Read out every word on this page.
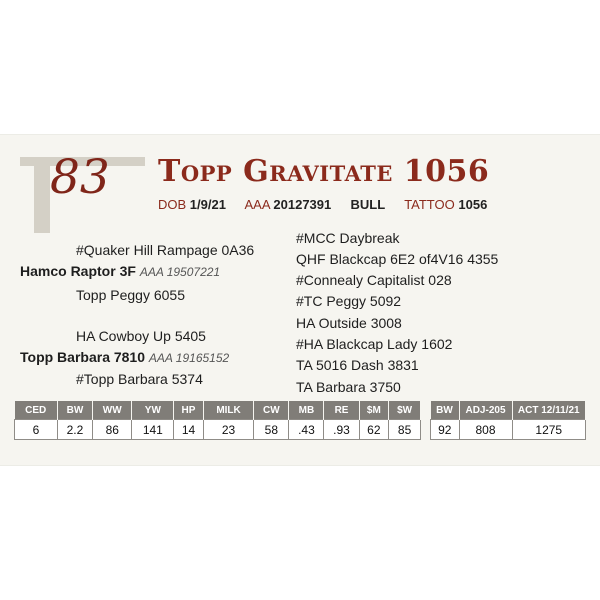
83 Topp Gravitate 1056
DOB 1/9/21 AAA 20127391 BULL TATTOO 1056
#Quaker Hill Rampage 0A36
Hamco Raptor 3F AAA 19507221
Topp Peggy 6055
HA Cowboy Up 5405
Topp Barbara 7810 AAA 19165152
#Topp Barbara 5374
#MCC Daybreak
QHF Blackcap 6E2 of4V16 4355
#Connealy Capitalist 028
#TC Peggy 5092
HA Outside 3008
#HA Blackcap Lady 1602
TA 5016 Dash 3831
TA Barbara 3750
CED	BW	WW	YW	HP	MILK	CW	MB	RE	$M	$W
6	2.2	86	141	14	23	58	.43	.93	62	85
BW	ADJ-205	ACT 12/11/21
92	808	1275
